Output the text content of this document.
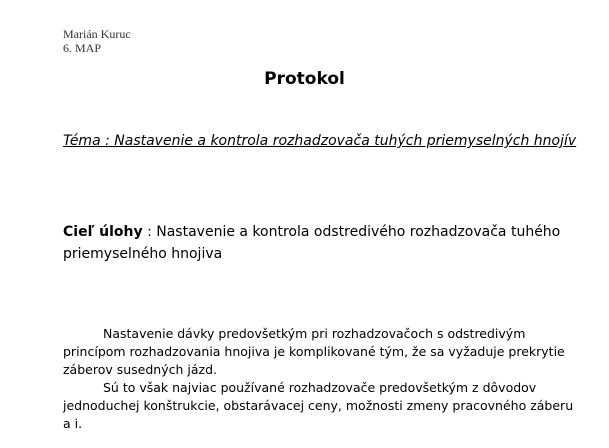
Marián Kuruc
6. MAP
Protokol
Téma : Nastavenie a kontrola rozhadzovača tuhých priemyselných hnojív
Cieľ úlohy : Nastavenie a kontrola odstredivého rozhadzovača tuhého priemyselného hnojiva

Nastavenie dávky predovšetkým pri rozhadzovačoch s odstredivým princípom rozhadzovania hnojiva je komplikované tým, že sa vyžaduje prekrytie záberov susedných jázd.

Sú to však najviac používané rozhadzovače predovšetkým z dôvodov jednoduchej konštrukcie, obstarávacej ceny, možnosti zmeny pracovného záberu a i.
